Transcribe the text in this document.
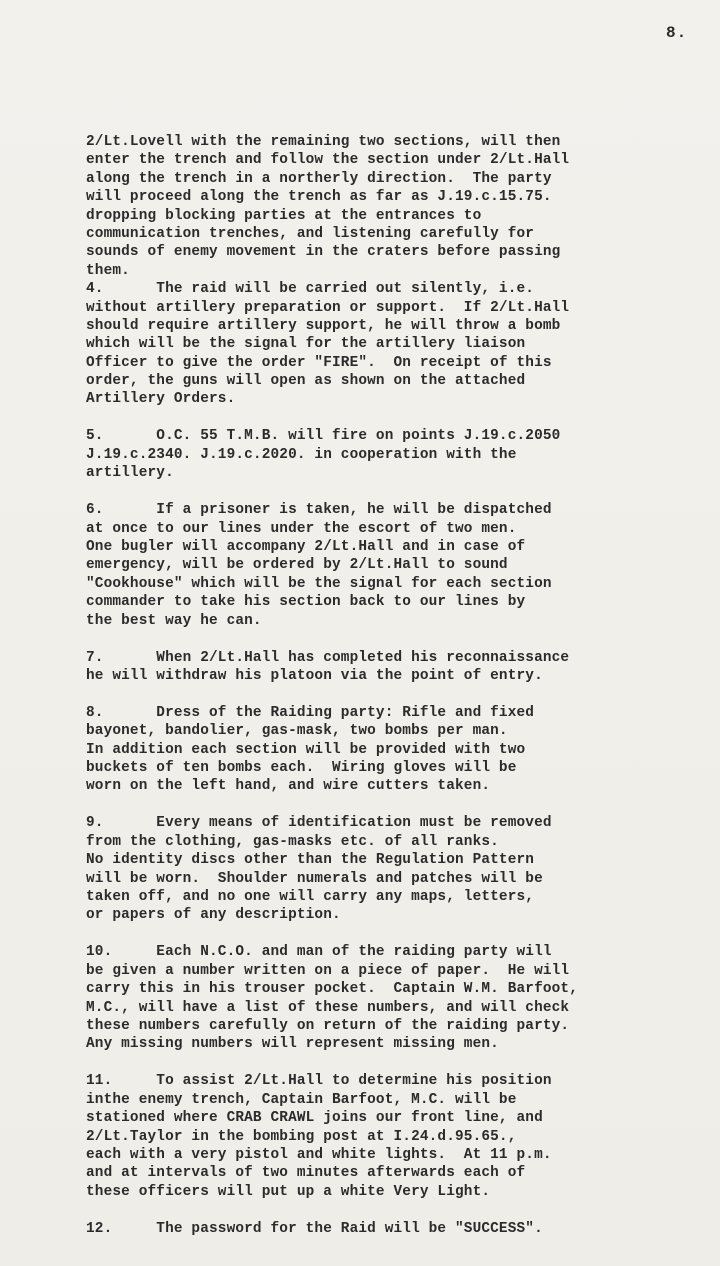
8.
2/Lt.Lovell with the remaining two sections, will then
enter the trench and follow the section under 2/Lt.Hall
along the trench in a northerly direction.  The party
will proceed along the trench as far as J.19.c.15.75.
dropping blocking parties at the entrances to
communication trenches, and listening carefully for
sounds of enemy movement in the craters before passing
them.
4.      The raid will be carried out silently, i.e.
without artillery preparation or support.  If 2/Lt.Hall
should require artillery support, he will throw a bomb
which will be the signal for the artillery liaison
Officer to give the order "FIRE".  On receipt of this
order, the guns will open as shown on the attached
Artillery Orders.
5.      O.C. 55 T.M.B. will fire on points J.19.c.2050
J.19.c.2340. J.19.c.2020. in cooperation with the
artillery.
6.      If a prisoner is taken, he will be dispatched
at once to our lines under the escort of two men.
One bugler will accompany 2/Lt.Hall and in case of
emergency, will be ordered by 2/Lt.Hall to sound
"Cookhouse" which will be the signal for each section
commander to take his section back to our lines by
the best way he can.
7.      When 2/Lt.Hall has completed his reconnaissance
he will withdraw his platoon via the point of entry.
8.      Dress of the Raiding party: Rifle and fixed
bayonet, bandolier, gas-mask, two bombs per man.
In addition each section will be provided with two
buckets of ten bombs each.  Wiring gloves will be
worn on the left hand, and wire cutters taken.
9.      Every means of identification must be removed
from the clothing, gas-masks etc. of all ranks.
No identity discs other than the Regulation Pattern
will be worn.  Shoulder numerals and patches will be
taken off, and no one will carry any maps, letters,
or papers of any description.
10.     Each N.C.O. and man of the raiding party will
be given a number written on a piece of paper.  He will
carry this in his trouser pocket.  Captain W.M. Barfoot,
M.C., will have a list of these numbers, and will check
these numbers carefully on return of the raiding party.
Any missing numbers will represent missing men.
11.     To assist 2/Lt.Hall to determine his position
inthe enemy trench, Captain Barfoot, M.C. will be
stationed where CRAB CRAWL joins our front line, and
2/Lt.Taylor in the bombing post at I.24.d.95.65.,
each with a very pistol and white lights.  At 11 p.m.
and at intervals of two minutes afterwards each of
these officers will put up a white Very Light.
12.     The password for the Raid will be "SUCCESS".
